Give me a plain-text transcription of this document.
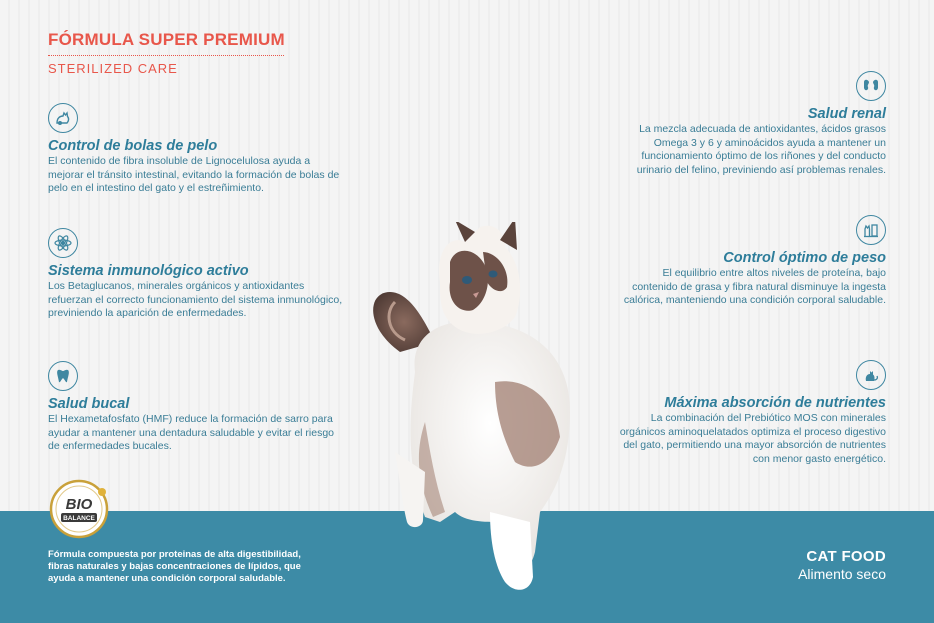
FÓRMULA SUPER PREMIUM
STERILIZED CARE
Control de bolas de pelo
El contenido de fibra insoluble de Lignocelulosa ayuda a mejorar el tránsito intestinal, evitando la formación de bolas de pelo en el intestino del gato y el estreñimiento.
Sistema inmunológico activo
Los Betaglucanos, minerales orgánicos y antioxidantes refuerzan el correcto funcionamiento del sistema inmunológico, previniendo la aparición de enfermedades.
Salud bucal
El Hexametafosfato (HMF) reduce la formación de sarro para ayudar a mantener una dentadura saludable y evitar el riesgo de enfermedades bucales.
Salud renal
La mezcla adecuada de antioxidantes, ácidos grasos Omega 3 y 6 y aminoácidos ayuda a mantener un funcionamiento óptimo de los riñones y del conducto urinario del felino, previniendo así problemas renales.
Control óptimo de peso
El equilibrio entre altos niveles de proteína, bajo contenido de grasa y fibra natural disminuye la ingesta calórica, manteniendo una condición corporal saludable.
Máxima absorción de nutrientes
La combinación del Prebiótico MOS con minerales orgánicos aminoquelatados optimiza el proceso digestivo del gato, permitiendo una mayor absorción de nutrientes con menor gasto energético.
BIO
BALANCE
Fórmula compuesta por proteinas de alta digestibilidad, fibras naturales y bajas concentraciones de lípidos, que ayuda a mantener una condición corporal saludable.
CAT FOOD
Alimento seco
